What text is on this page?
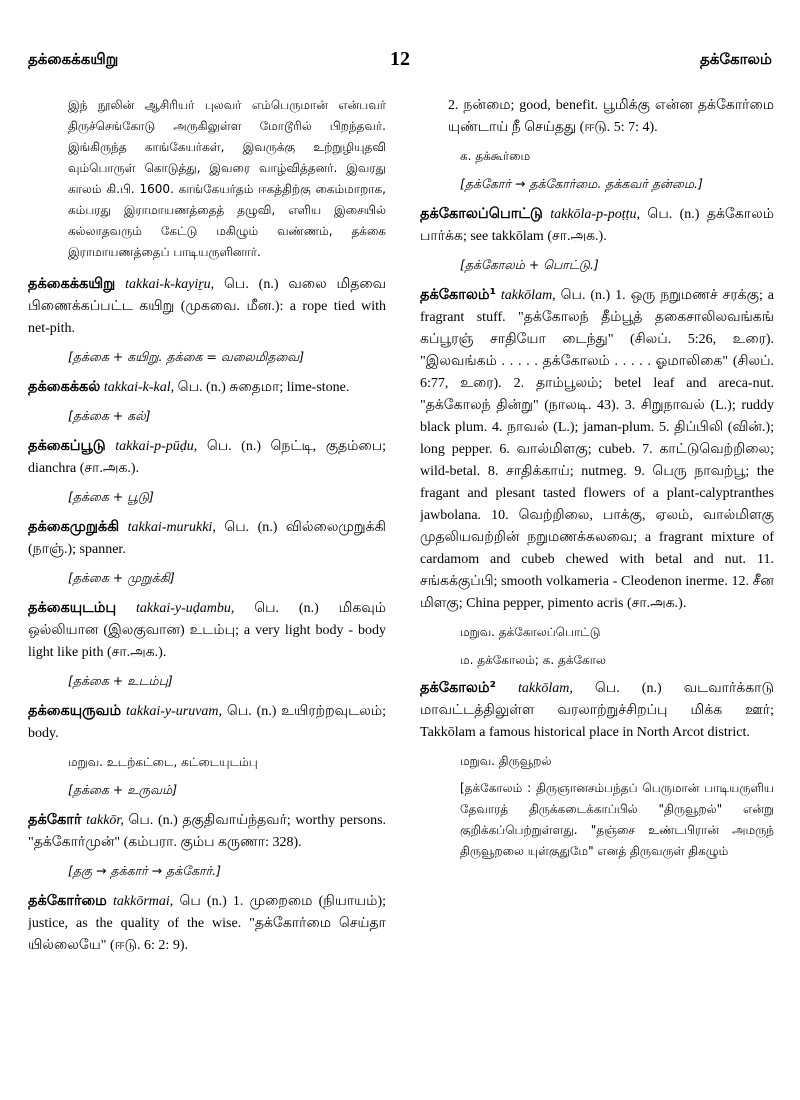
தக்கைக்கயிறு	12	தக்கோலம்

இந் நூலின் ஆசிரியர் புலவர் எம்பெருமான் என்பவர் திருச்செங்கோடு அருகிலுள்ள மோடூரில் பிறந்தவர். இங்கிருந்த காங்கேயர்கள், இவருக்கு உற்றுழியுதவி வும்பொருள் கொடுத்து, இவரை வாழ்வித்தனர். இவரது காலம் கி.பி. 1600. காங்கேயர்தம் ஈகத்திற்கு கைம்மாறாக, கம்பரது இராமாயணத்தைத் தழுவி, எளிய இசையில் கல்லாதவரும் கேட்டு மகிழும் வண்ணம், தக்கை இராமாயணத்தைப் பாடியருளினார்.

தக்கைக்கயிறு takkai-k-kayiṟu, பெ. (n.) வலை மிதவை பிணைக்கப்பட்ட கயிறு (முகவை. மீன.): a rope tied with net-pith.
[தக்கை + கயிறு. தக்கை = வலைமிதவை]
தக்கைக்கல் takkai-k-kal, பெ. (n.) சுதைமா; lime-stone.
[தக்கை + கல்]
தக்கைப்பூடு takkai-p-pūḍu, பெ. (n.) நெட்டி, குதம்பை; dianchra (சா.அக.).
[தக்கை + பூடு]
தக்கைமுறுக்கி takkai-murukki, பெ. (n.) வில்லைமுறுக்கி (நாஞ்.); spanner.
[தக்கை + முறுக்கி]
தக்கையுடம்பு takkai-y-uḍambu, பெ. (n.) மிகவும் ஒல்லியான (இலகுவான) உடம்பு; a very light body - body light like pith (சா.அக.).
[தக்கை + உடம்பு]
தக்கையுருவம் takkai-y-uruvam, பெ. (n.) உயிரற்றவுடலம்; body.
மறுவ. உடற்கட்டை, கட்டையுடம்பு
[தக்கை + உருவம்]
தக்கோர் takkōr, பெ. (n.) தகுதிவாய்ந்தவர்; worthy persons. "தக்கோர்முன்" (கம்பரா. கும்ப கருணா: 328).
[தகு → தக்கார் → தக்கோர்.]
தக்கோர்மை takkōrmai, பெ (n.) 1. முறைமை (நியாயம்); justice, as the quality of the wise. "தக்கோர்மை செய்தா யில்லையே" (ஈடு. 6: 2: 9).

2. நன்மை; good, benefit. பூமிக்கு என்ன தக்கோர்மை யுண்டாய் நீ செய்தது (ஈடு. 5: 7: 4).

க. தக்கூர்மை
[தக்கோர் → தக்கோர்மை. தக்கவர் தன்மை.]
தக்கோலப்பொட்டு takkōla-p-poṭṭu, பெ. (n.) தக்கோலம் பார்க்க; see takkōlam (சா.அக.).
[தக்கோலம் + பொட்டு.]
தக்கோலம்¹ takkōlam, பெ. (n.) 1. ஒரு நறுமணச் சரக்கு; a fragrant stuff. "தக்கோலந் தீம்பூத் தகைசாலிலவங்கங் கப்பூரஞ் சாதியோ டைந்து" (சிலப். 5:26, உரை). "இலவங்கம் . . . . . தக்கோலம் . . . . . ஓமாலிகை" (சிலப். 6:77, உரை). 2. தாம்பூலம்; betel leaf and areca-nut. "தக்கோலந் தின்று" (நாலடி. 43). 3. சிறுநாவல் (L.); ruddy black plum. 4. நாவல் (L.); jaman-plum. 5. திப்பிலி (வின்.); long pepper. 6. வால்மிளகு; cubeb. 7. காட்டுவெற்றிலை; wild-betal. 8. சாதிக்காய்; nutmeg. 9. பெரு நாவற்பூ; the fragant and plesant tasted flowers of a plant-calyptranthes jawbolana. 10. வெற்றிலை, பாக்கு, ஏலம், வால்மிளகு முதலியவற்றின் நறுமணக்கலவை; a fragrant mixture of cardamom and cubeb chewed with betal and nut. 11. சங்கக்குப்பி; smooth volkameria - Cleodenon inerme. 12. சீன மிளகு; China pepper, pimento acris (சா.அக.).
மறுவ. தக்கோலப்பொட்டு
ம. தக்கோலம்; க. தக்கோல
தக்கோலம்² takkōlam, பெ. (n.) வடவார்க்காடு மாவட்டத்திலுள்ள வரலாற்றுச்சிறப்பு மிக்க ஊர்; Takkōlam a famous historical place in North Arcot district.
மறுவ. திருவூறல்

[தக்கோலம் : திருஞானசம்பந்தப் பெருமான் பாடியருளிய தேவாரத் திருக்கடைக்காப்பில் "திருவூறல்" என்று குறிக்கப்பெற்றுள்ளது. "தஞ்சை உண்டபிரான் அமருந் திருவூறலை யுள்குதுமே" எனத் திருவருள் திகழும்
